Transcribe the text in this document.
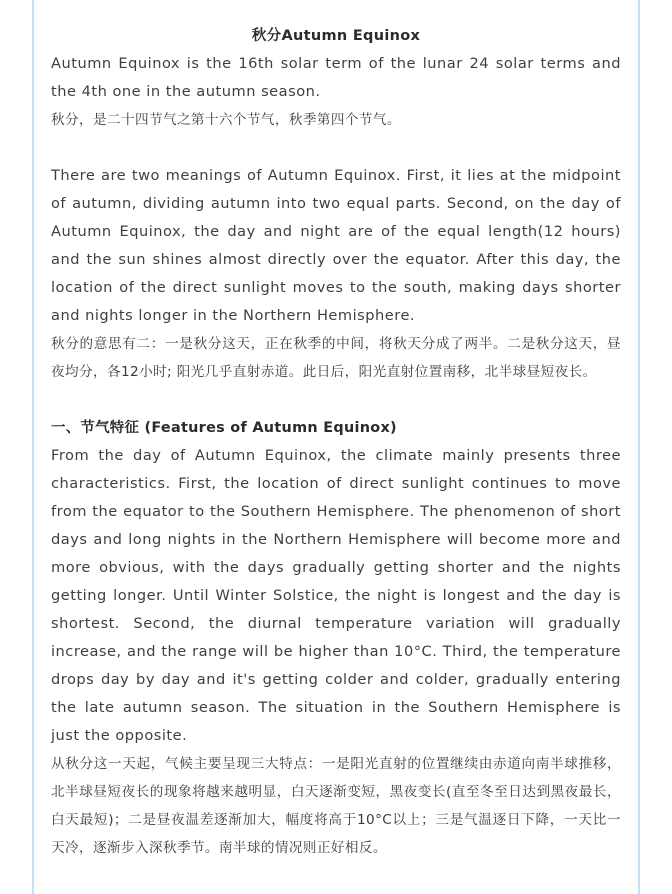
秋分Autumn Equinox

Autumn Equinox is the 16th solar term of the lunar 24 solar terms and the 4th one in the autumn season.

秋分，是二十四节气之第十六个节气，秋季第四个节气。

There are two meanings of Autumn Equinox. First, it lies at the midpoint of autumn, dividing autumn into two equal parts. Second, on the day of Autumn Equinox, the day and night are of the equal length(12 hours) and the sun shines almost directly over the equator. After this day, the location of the direct sunlight moves to the south, making days shorter and nights longer in the Northern Hemisphere.

秋分的意思有二：一是秋分这天，正在秋季的中间，将秋天分成了两半。二是秋分这天，昼夜均分，各12小时; 阳光几乎直射赤道。此日后，阳光直射位置南移，北半球昼短夜长。

一、节气特征 (Features of Autumn Equinox)

From the day of Autumn Equinox, the climate mainly presents three characteristics. First, the location of direct sunlight continues to move from the equator to the Southern Hemisphere. The phenomenon of short days and long nights in the Northern Hemisphere will become more and more obvious, with the days gradually getting shorter and the nights getting longer. Until Winter Solstice, the night is longest and the day is shortest. Second, the diurnal temperature variation will gradually increase, and the range will be higher than 10°C. Third, the temperature drops day by day and it's getting colder and colder, gradually entering the late autumn season. The situation in the Southern Hemisphere is just the opposite.

从秋分这一天起，气候主要呈现三大特点：一是阳光直射的位置继续由赤道向南半球推移，北半球昼短夜长的现象将越来越明显，白天逐渐变短，黑夜变长(直至冬至日达到黑夜最长，白天最短)；二是昼夜温差逐渐加大，幅度将高于10°C以上；三是气温逐日下降，一天比一天冷，逐渐步入深秋季节。南半球的情况则正好相反。
